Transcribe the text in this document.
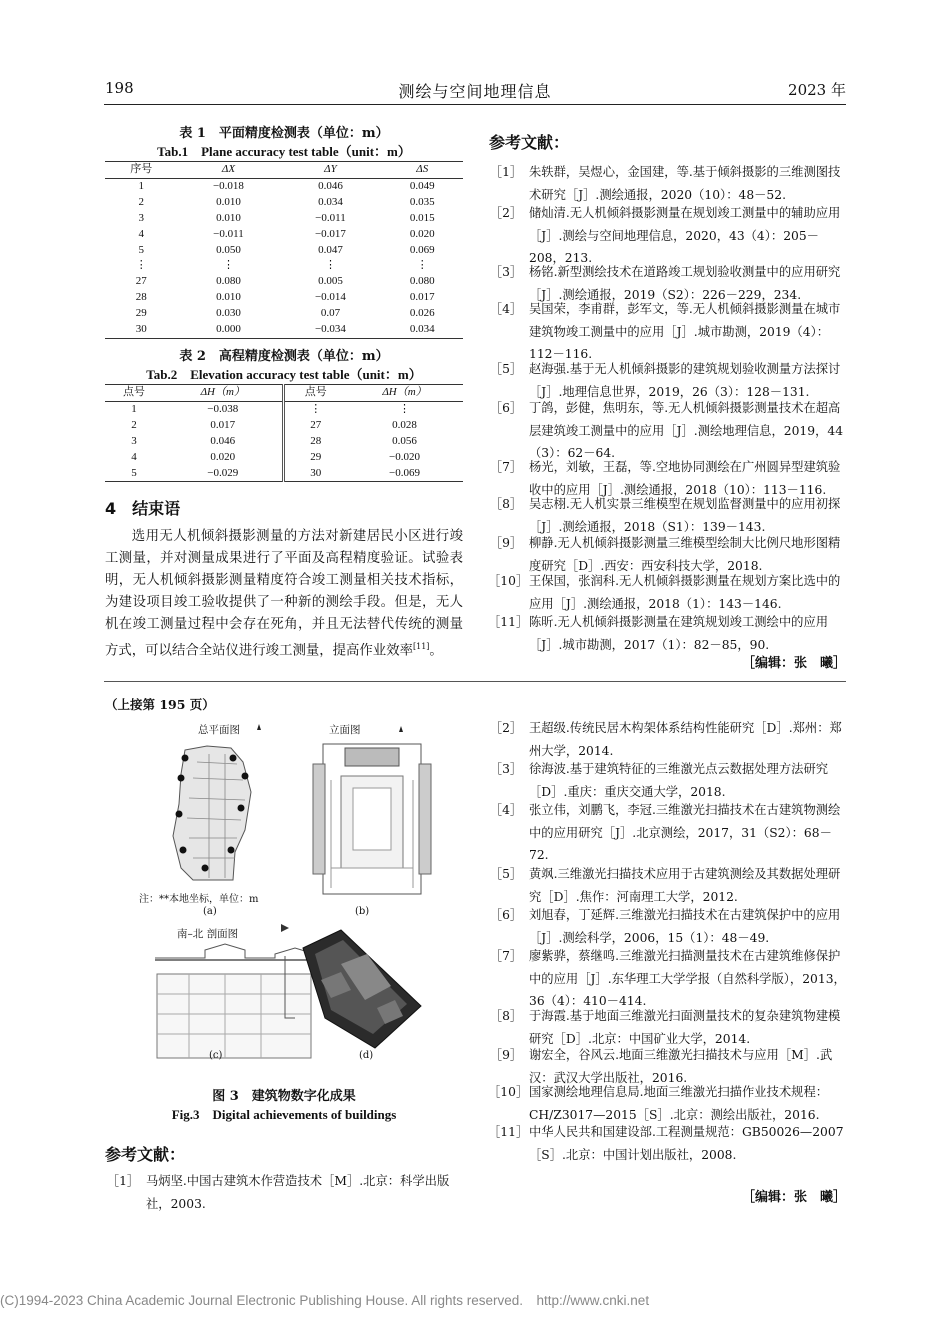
198	测绘与空间地理信息	2023 年
表 1　平面精度检测表（单位：m）
Tab.1　Plane accuracy test table（unit：m）
序号	ΔX	ΔY	ΔS
1	−0.018	0.046	0.049
2	0.010	0.034	0.035
3	0.010	−0.011	0.015
4	−0.011	−0.017	0.020
5	0.050	0.047	0.069
⋮	⋮	⋮	⋮
27	0.080	0.005	0.080
28	0.010	−0.014	0.017
29	0.030	0.07	0.026
30	0.000	−0.034	0.034
表 2　高程精度检测表（单位：m）
Tab.2　Elevation accuracy test table（unit：m）
点号	ΔH（m）	点号	ΔH（m）
1	−0.038	⋮	⋮
2	0.017	27	0.028
3	0.046	28	0.056
4	0.020	29	−0.020
5	−0.029	30	−0.069
4　结束语
选用无人机倾斜摄影测量的方法对新建居民小区进行竣工测量，并对测量成果进行了平面及高程精度验证。试验表明，无人机倾斜摄影测量精度符合竣工测量相关技术指标，为建设项目竣工验收提供了一种新的测绘手段。但是，无人机在竣工测量过程中会存在死角，并且无法替代传统的测量方式，可以结合全站仪进行竣工测量，提高作业效率[11]。
参考文献：
［1］ 朱轶群，吴煜心，金国建，等.基于倾斜摄影的三维测图技术研究［J］.测绘通报，2020（10）：48－52.
［2］ 储灿清.无人机倾斜摄影测量在规划竣工测量中的辅助应用［J］.测绘与空间地理信息，2020，43（4）：205－208，213.
［3］ 杨铭.新型测绘技术在道路竣工规划验收测量中的应用研究［J］.测绘通报，2019（S2）：226－229，234.
［4］ 吴国荣，李甫群，彭军文，等.无人机倾斜摄影测量在城市建筑物竣工测量中的应用［J］.城市勘测，2019（4）：112－116.
［5］ 赵海强.基于无人机倾斜摄影的建筑规划验收测量方法探讨［J］.地理信息世界，2019，26（3）：128－131.
［6］ 丁鸽，彭健，焦明东，等.无人机倾斜摄影测量技术在超高层建筑竣工测量中的应用［J］.测绘地理信息，2019，44（3）：62－64.
［7］ 杨光，刘敏，王磊，等.空地协同测绘在广州圆异型建筑验收中的应用［J］.测绘通报，2018（10）：113－116.
［8］ 吴志栩.无人机实景三维模型在规划监督测量中的应用初探［J］.测绘通报，2018（S1）：139－143.
［9］ 柳静.无人机倾斜摄影测量三维模型绘制大比例尺地形图精度研究［D］.西安：西安科技大学，2018.
［10］ 王保国，张润科.无人机倾斜摄影测量在规划方案比选中的应用［J］.测绘通报，2018（1）：143－146.
［11］ 陈昕.无人机倾斜摄影测量在建筑规划竣工测绘中的应用［J］.城市勘测，2017（1）：82－85，90.
［编辑：张　曦］
（上接第 195 页）
总平面图	立面图
注：**本地坐标，单位：m
(a)	(b)
南–北 剖面图
(c)	(d)
图 3　建筑物数字化成果
Fig.3　Digital achievements of buildings
参考文献：
［1］ 马炳坚.中国古建筑木作营造技术［M］.北京：科学出版社，2003.
［2］ 王超级.传统民居木构架体系结构性能研究［D］.郑州：郑州大学，2014.
［3］ 徐海波.基于建筑特征的三维激光点云数据处理方法研究［D］.重庆：重庆交通大学，2018.
［4］ 张立伟，刘鹏飞，李冠.三维激光扫描技术在古建筑物测绘中的应用研究［J］.北京测绘，2017，31（S2）：68－72.
［5］ 黄飒.三维激光扫描技术应用于古建筑测绘及其数据处理研究［D］.焦作：河南理工大学，2012.
［6］ 刘旭春，丁延辉.三维激光扫描技术在古建筑保护中的应用［J］.测绘科学，2006，15（1）：48－49.
［7］ 廖紫骅，蔡继鸣.三维激光扫描测量技术在古建筑维修保护中的应用［J］.东华理工大学学报（自然科学版），2013，36（4）：410－414.
［8］ 于海霞.基于地面三维激光扫面测量技术的复杂建筑物建模研究［D］.北京：中国矿业大学，2014.
［9］ 谢宏全，谷风云.地面三维激光扫描技术与应用［M］.武汉：武汉大学出版社，2016.
［10］ 国家测绘地理信息局.地面三维激光扫描作业技术规程：CH/Z3017—2015［S］.北京：测绘出版社，2016.
［11］ 中华人民共和国建设部.工程测量规范：GB50026—2007［S］.北京：中国计划出版社，2008.
［编辑：张　曦］
(C)1994-2023 China Academic Journal Electronic Publishing House. All rights reserved.　http://www.cnki.net
